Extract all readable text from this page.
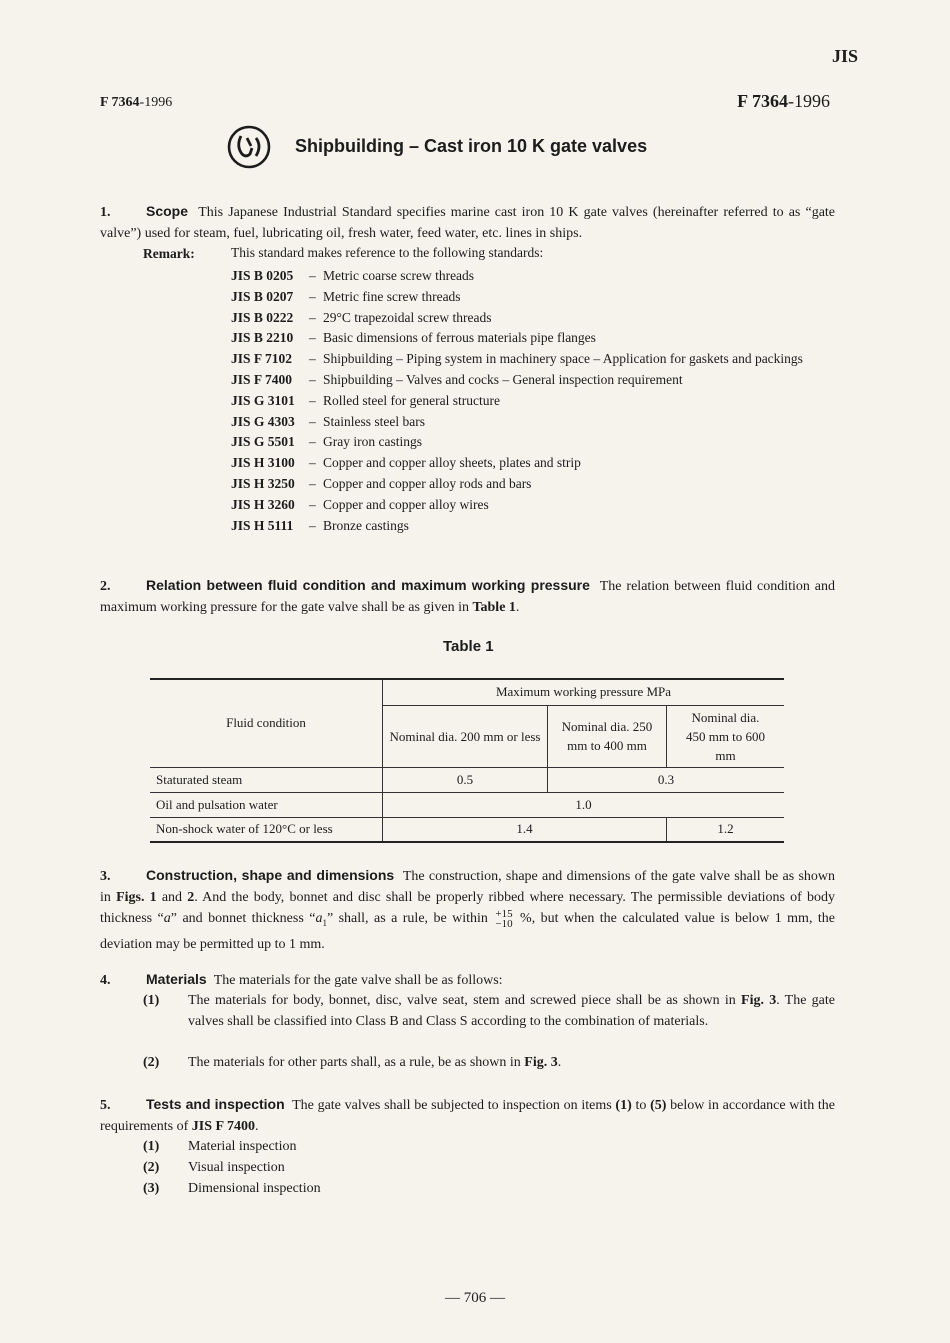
JIS
F 7364-1996	F 7364-1996
Shipbuilding – Cast iron 10 K gate valves
1.	Scope This Japanese Industrial Standard specifies marine cast iron 10 K gate valves (hereinafter referred to as “gate valve”) used for steam, fuel, lubricating oil, fresh water, feed water, etc. lines in ships.
Remark:	This standard makes reference to the following standards:
JIS B 0205	– Metric coarse screw threads
JIS B 0207	– Metric fine screw threads
JIS B 0222	– 29°C trapezoidal screw threads
JIS B 2210	– Basic dimensions of ferrous materials pipe flanges
JIS F 7102	– Shipbuilding – Piping system in machinery space – Application for gaskets and packings
JIS F 7400	– Shipbuilding – Valves and cocks – General inspection requirement
JIS G 3101	– Rolled steel for general structure
JIS G 4303	– Stainless steel bars
JIS G 5501	– Gray iron castings
JIS H 3100	– Copper and copper alloy sheets, plates and strip
JIS H 3250	– Copper and copper alloy rods and bars
JIS H 3260	– Copper and copper alloy wires
JIS H 5111	– Bronze castings
2.	Relation between fluid condition and maximum working pressure The relation between fluid condition and maximum working pressure for the gate valve shall be as given in Table 1.
Table 1
Fluid condition	Maximum working pressure MPa		
	Nominal dia. 200 mm or less	Nominal dia. 250 mm to 400 mm	Nominal dia. 450 mm to 600 mm
Staturated steam	0.5	0.3	
Oil and pulsation water	1.0		
Non-shock water of 120°C or less	1.4		1.2
3.	Construction, shape and dimensions The construction, shape and dimensions of the gate valve shall be as shown in Figs. 1 and 2. And the body, bonnet and disc shall be properly ribbed where necessary. The permissible deviations of body thickness “a” and bonnet thickness “$a_1$” shall, as a rule, be within +15
−10 %, but when the calculated value is below 1 mm, the deviation may be permitted up to 1 mm.
4.	Materials The materials for the gate valve shall be as follows:
(1) The materials for body, bonnet, disc, valve seat, stem and screwed piece shall be as shown in Fig. 3. The gate valves shall be classified into Class B and Class S according to the combination of materials.
(2) The materials for other parts shall, as a rule, be as shown in Fig. 3.
5.	Tests and inspection The gate valves shall be subjected to inspection on items (1) to (5) below in accordance with the requirements of JIS F 7400.
(1) Material inspection
(2) Visual inspection
(3) Dimensional inspection
— 706 —
